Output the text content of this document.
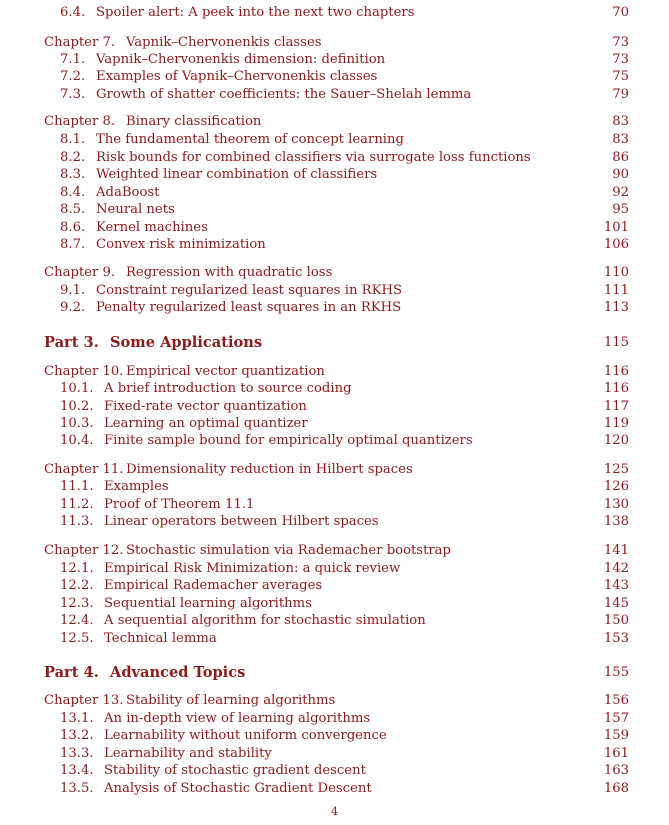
6.4. Spoiler alert: A peek into the next two chapters	70
Chapter 7. Vapnik–Chervonenkis classes	73
7.1. Vapnik–Chervonenkis dimension: definition	73
7.2. Examples of Vapnik–Chervonenkis classes	75
7.3. Growth of shatter coefficients: the Sauer–Shelah lemma	79
Chapter 8. Binary classification	83
8.1. The fundamental theorem of concept learning	83
8.2. Risk bounds for combined classifiers via surrogate loss functions	86
8.3. Weighted linear combination of classifiers	90
8.4. AdaBoost	92
8.5. Neural nets	95
8.6. Kernel machines	101
8.7. Convex risk minimization	106
Chapter 9. Regression with quadratic loss	110
9.1. Constraint regularized least squares in RKHS	111
9.2. Penalty regularized least squares in an RKHS	113
Part 3. Some Applications	115
Chapter 10. Empirical vector quantization	116
10.1. A brief introduction to source coding	116
10.2. Fixed-rate vector quantization	117
10.3. Learning an optimal quantizer	119
10.4. Finite sample bound for empirically optimal quantizers	120
Chapter 11. Dimensionality reduction in Hilbert spaces	125
11.1. Examples	126
11.2. Proof of Theorem 11.1	130
11.3. Linear operators between Hilbert spaces	138
Chapter 12. Stochastic simulation via Rademacher bootstrap	141
12.1. Empirical Risk Minimization: a quick review	142
12.2. Empirical Rademacher averages	143
12.3. Sequential learning algorithms	145
12.4. A sequential algorithm for stochastic simulation	150
12.5. Technical lemma	153
Part 4. Advanced Topics	155
Chapter 13. Stability of learning algorithms	156
13.1. An in-depth view of learning algorithms	157
13.2. Learnability without uniform convergence	159
13.3. Learnability and stability	161
13.4. Stability of stochastic gradient descent	163
13.5. Analysis of Stochastic Gradient Descent	168
4
